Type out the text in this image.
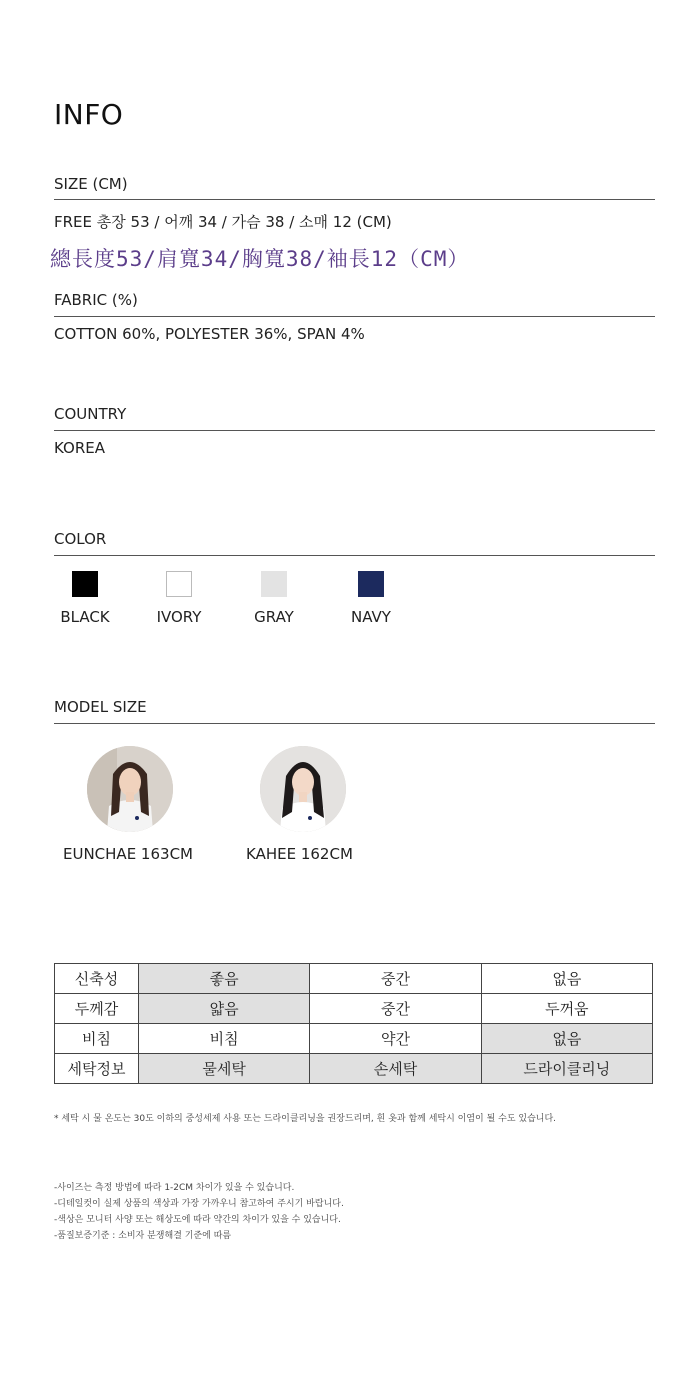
INFO
SIZE (CM)
FREE 총장 53 / 어깨 34 / 가슴 38 / 소매 12 (CM)
總長度53/肩寬34/胸寬38/袖長12（CM）
FABRIC (%)
COTTON 60%, POLYESTER 36%, SPAN 4%
COUNTRY
KOREA
COLOR
BLACK	IVORY	GRAY	NAVY
MODEL SIZE
EUNCHAE 163CM	KAHEE 162CM
신축성	좋음	중간	없음
두께감	얇음	중간	두꺼움
비침	비침	약간	없음
세탁정보	물세탁	손세탁	드라이클리닝
* 세탁 시 물 온도는 30도 이하의 중성세제 사용 또는 드라이클리닝을 권장드리며, 흰 옷과 함께 세탁시 이염이 될 수도 있습니다.
-사이즈는 측정 방법에 따라 1-2CM 차이가 있을 수 있습니다.
-디테일컷이 실제 상품의 색상과 가장 가까우니 참고하여 주시기 바랍니다.
-색상은 모니터 사양 또는 해상도에 따라 약간의 차이가 있을 수 있습니다.
-품질보증기준 : 소비자 분쟁해결 기준에 따름
